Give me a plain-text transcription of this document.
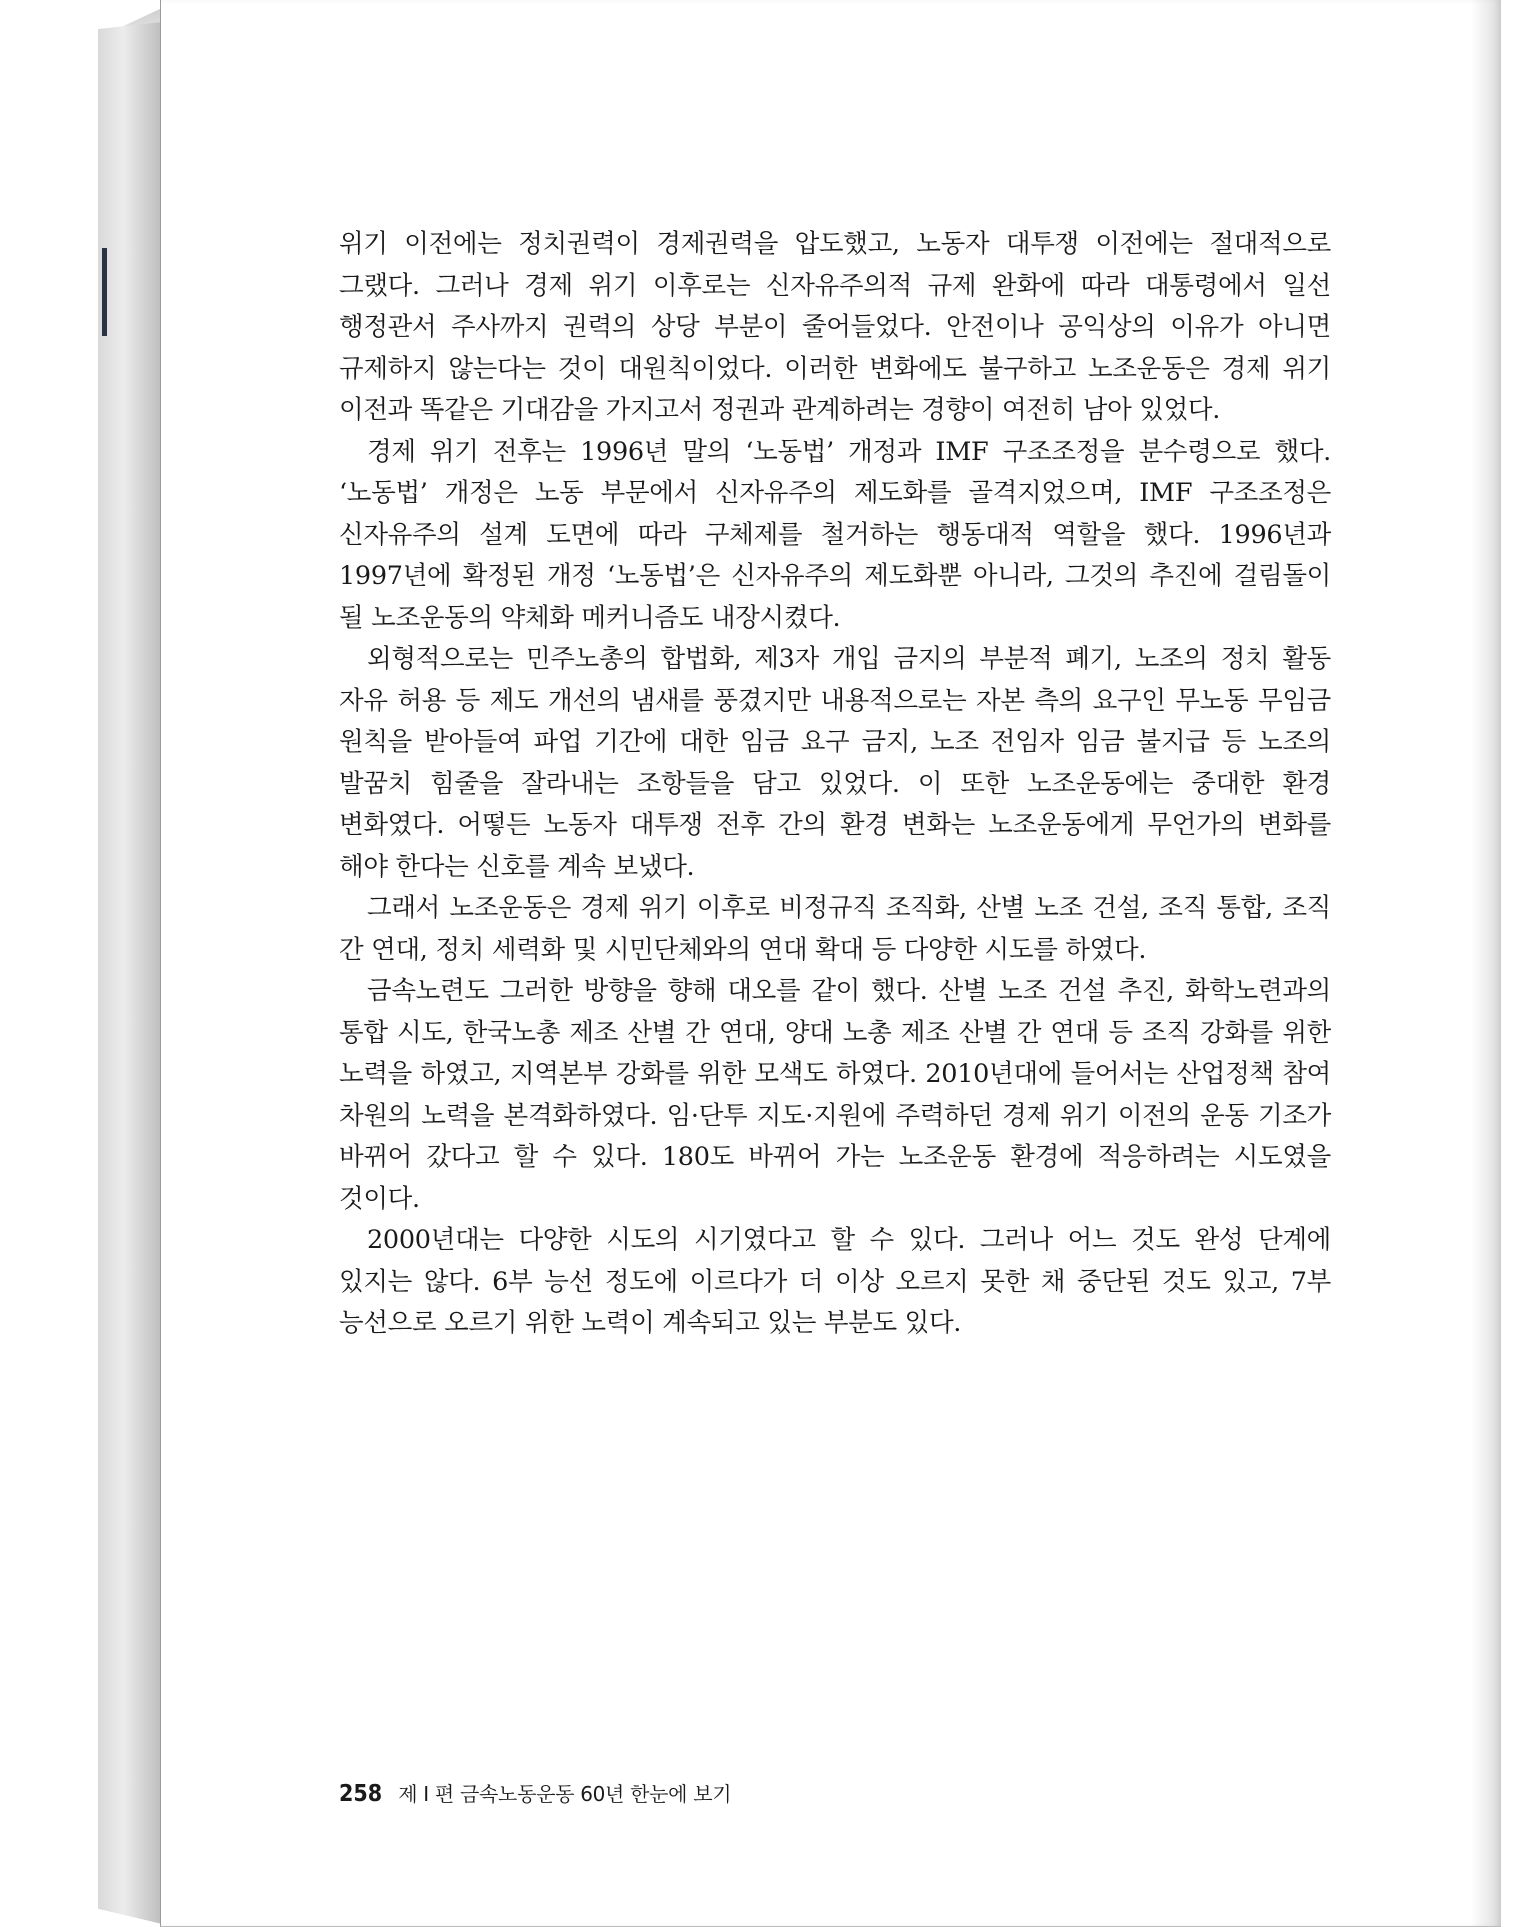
위기 이전에는 정치권력이 경제권력을 압도했고, 노동자 대투쟁 이전에는 절대적으로 그랬다. 그러나 경제 위기 이후로는 신자유주의적 규제 완화에 따라 대통령에서 일선 행정관서 주사까지 권력의 상당 부분이 줄어들었다. 안전이나 공익상의 이유가 아니면 규제하지 않는다는 것이 대원칙이었다. 이러한 변화에도 불구하고 노조운동은 경제 위기 이전과 똑같은 기대감을 가지고서 정권과 관계하려는 경향이 여전히 남아 있었다.

경제 위기 전후는 1996년 말의 ‘노동법’ 개정과 IMF 구조조정을 분수령으로 했다. ‘노동법’ 개정은 노동 부문에서 신자유주의 제도화를 골격지었으며, IMF 구조조정은 신자유주의 설계 도면에 따라 구체제를 철거하는 행동대적 역할을 했다. 1996년과 1997년에 확정된 개정 ‘노동법’은 신자유주의 제도화뿐 아니라, 그것의 추진에 걸림돌이 될 노조운동의 약체화 메커니즘도 내장시켰다.

외형적으로는 민주노총의 합법화, 제3자 개입 금지의 부분적 폐기, 노조의 정치 활동 자유 허용 등 제도 개선의 냄새를 풍겼지만 내용적으로는 자본 측의 요구인 무노동 무임금 원칙을 받아들여 파업 기간에 대한 임금 요구 금지, 노조 전임자 임금 불지급 등 노조의 발꿈치 힘줄을 잘라내는 조항들을 담고 있었다. 이 또한 노조운동에는 중대한 환경 변화였다. 어떻든 노동자 대투쟁 전후 간의 환경 변화는 노조운동에게 무언가의 변화를 해야 한다는 신호를 계속 보냈다.

그래서 노조운동은 경제 위기 이후로 비정규직 조직화, 산별 노조 건설, 조직 통합, 조직 간 연대, 정치 세력화 및 시민단체와의 연대 확대 등 다양한 시도를 하였다.

금속노련도 그러한 방향을 향해 대오를 같이 했다. 산별 노조 건설 추진, 화학노련과의 통합 시도, 한국노총 제조 산별 간 연대, 양대 노총 제조 산별 간 연대 등 조직 강화를 위한 노력을 하였고, 지역본부 강화를 위한 모색도 하였다. 2010년대에 들어서는 산업정책 참여 차원의 노력을 본격화하였다. 임·단투 지도·지원에 주력하던 경제 위기 이전의 운동 기조가 바뀌어 갔다고 할 수 있다. 180도 바뀌어 가는 노조운동 환경에 적응하려는 시도였을 것이다.

2000년대는 다양한 시도의 시기였다고 할 수 있다. 그러나 어느 것도 완성 단계에 있지는 않다. 6부 능선 정도에 이르다가 더 이상 오르지 못한 채 중단된 것도 있고, 7부 능선으로 오르기 위한 노력이 계속되고 있는 부분도 있다.

258 제 I 편 금속노동운동 60년 한눈에 보기
